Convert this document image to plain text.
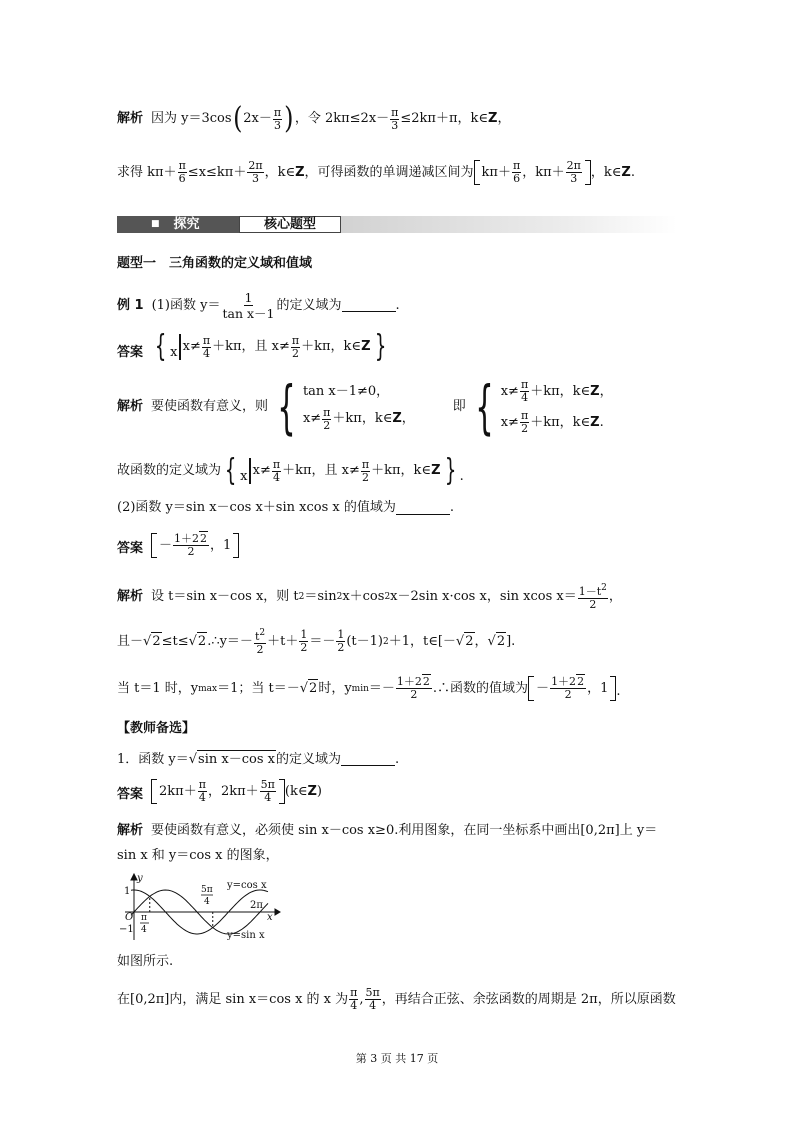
解析 因为 y＝3cos ( $2x- \frac{\pi}{3}$ ) ，令 $2k\pi\le 2x- \frac{\pi}{3} \le 2k\pi+\pi$，k∈ Z ，
求得 $k\pi+ \frac{\pi}{6} \le x\le k\pi+ \frac{2\pi}{3}$ ，k∈ Z ，可得函数的单调递减区间为 $k\pi+ \frac{\pi}{6}$ ，$k\pi+ \frac{2\pi}{3}$ ，k∈ Z .
■ 探究	核心题型
题型一　三角函数的定义域和值域
例 1 (1)函数 $y= \frac{1}{\text{tan x－1}}$ 的定义域为	.
答案 { x $x\ne \frac{\pi}{4} +k\pi$，且 $x\ne \frac{\pi}{2} +k\pi$，k∈ Z }
解析 要使函数有意义，则 { tan x－1≠0，
$x\ne \frac{\pi}{2} +k\pi$，k∈ Z ，
即 { $x\ne \frac{\pi}{4} +k\pi$，k∈ Z ，
$x\ne \frac{\pi}{2} +k\pi$，k∈ Z .
故函数的定义域为 { x $x\ne \frac{\pi}{4} +k\pi$，且 $x\ne \frac{\pi}{2} +k\pi$，k∈ Z } .
(2)函数 y＝sin x－cos x＋sin xcos x 的值域为	.
答案 － $\frac{1+22}{2}$ ，1
解析 设 t＝sin x－cos x，则 t 2 ＝sin 2 x＋cos 2 x－2sin x·cos x，sin xcos $x= \frac{1-t^2}{2}$ ，
且－ √ 2 ≤t≤ √ 2 .∴y＝－ $\frac{t^2}{2} +t+ \frac{1}{2} =- \frac{1}{2} (t-1)$ 2 ＋1，t∈[－ √ 2 ， √ 2 ].
当 t＝1 时，y max ＝1；当 t＝－ √ 2 时，y $\min =- \frac{1+22}{2}$ .∴函数的值域为 － $\frac{1+22}{2}$ ，1 .
【教师备选】
1．函数 y＝ √ sin x－cos x 的定义域为	.
答案 $2k\pi+ \frac{\pi}{4}$ ，$2k\pi+ \frac{5\pi}{4}$ (k∈ Z )
解析 要使函数有意义，必须使 sin x－cos x≥0.利用图象，在同一坐标系中画出[0,2π]上 y＝
sin x 和 y＝cos x 的图象，
y
1
−1
O	x
y=cos x
y=sin x
2π
π
4
5π
4
如图所示.
在[0,2π]内，满足 sin x＝cos x 的 x 为 $\frac{\pi}{4}$ , $\frac{5\pi}{4}$ ，再结合正弦、余弦函数的周期是 2π，所以原函数
第 3 页 共 17 页
